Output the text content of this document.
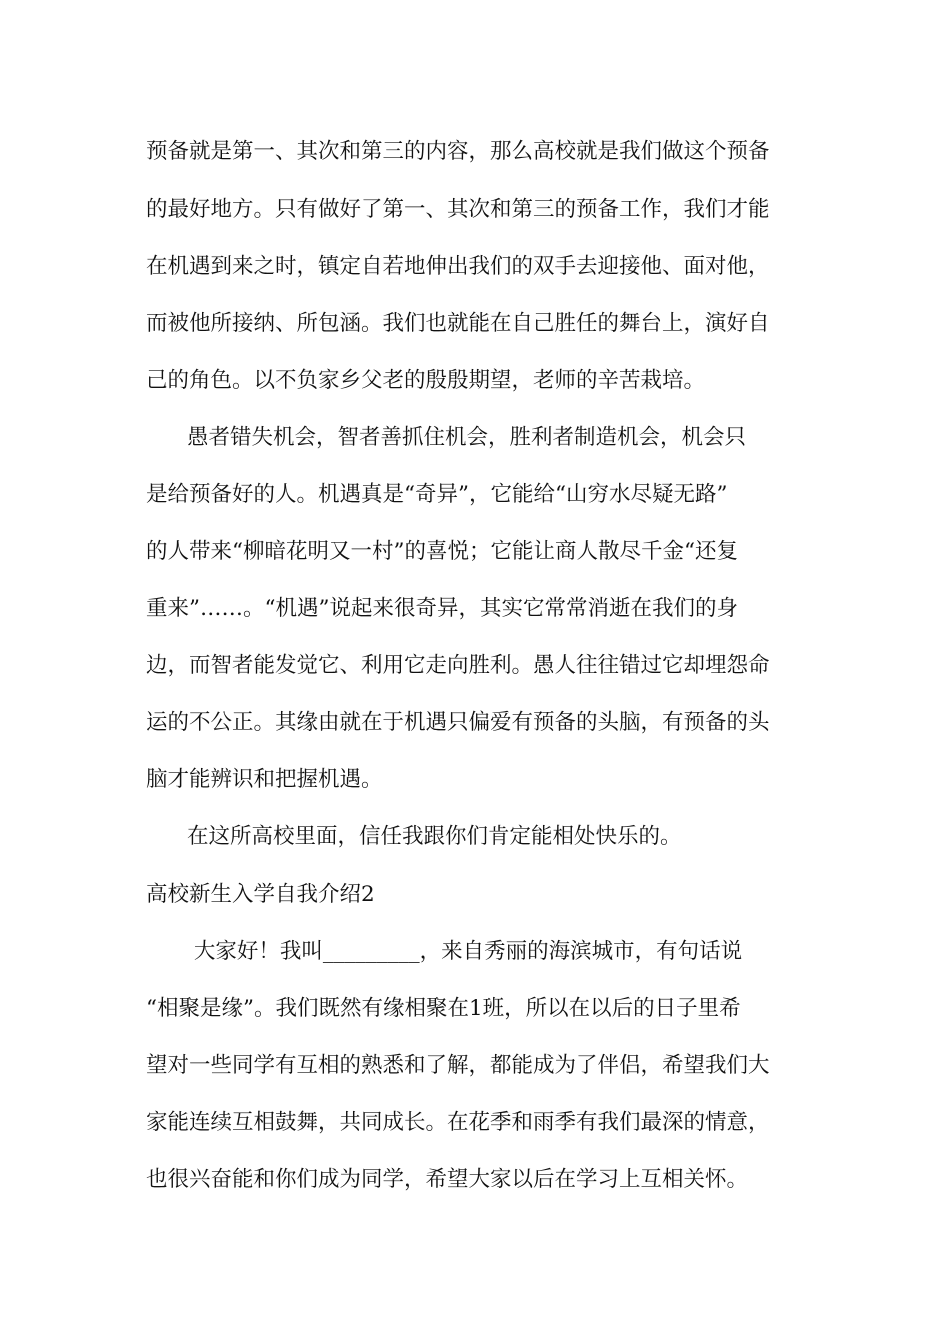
预备就是第一、其次和第三的内容，那么高校就是我们做这个预备
的最好地方。只有做好了第一、其次和第三的预备工作，我们才能
在机遇到来之时，镇定自若地伸出我们的双手去迎接他、面对他，
而被他所接纳、所包涵。我们也就能在自己胜任的舞台上，演好自
己的角色。以不负家乡父老的殷殷期望，老师的辛苦栽培。
愚者错失机会，智者善抓住机会，胜利者制造机会，机会只
是给预备好的人。机遇真是“奇异”，它能给“山穷水尽疑无路”
的人带来“柳暗花明又一村”的喜悦；它能让商人散尽千金“还复
重来”……。“机遇”说起来很奇异，其实它常常消逝在我们的身
边，而智者能发觉它、利用它走向胜利。愚人往往错过它却埋怨命
运的不公正。其缘由就在于机遇只偏爱有预备的头脑，有预备的头
脑才能辨识和把握机遇。
在这所高校里面，信任我跟你们肯定能相处快乐的。
高校新生入学自我介绍2
大家好！我叫_________，来自秀丽的海滨城市，有句话说
“相聚是缘”。我们既然有缘相聚在1班，所以在以后的日子里希
望对一些同学有互相的熟悉和了解，都能成为了伴侣，希望我们大
家能连续互相鼓舞，共同成长。在花季和雨季有我们最深的情意，
也很兴奋能和你们成为同学，希望大家以后在学习上互相关怀。
